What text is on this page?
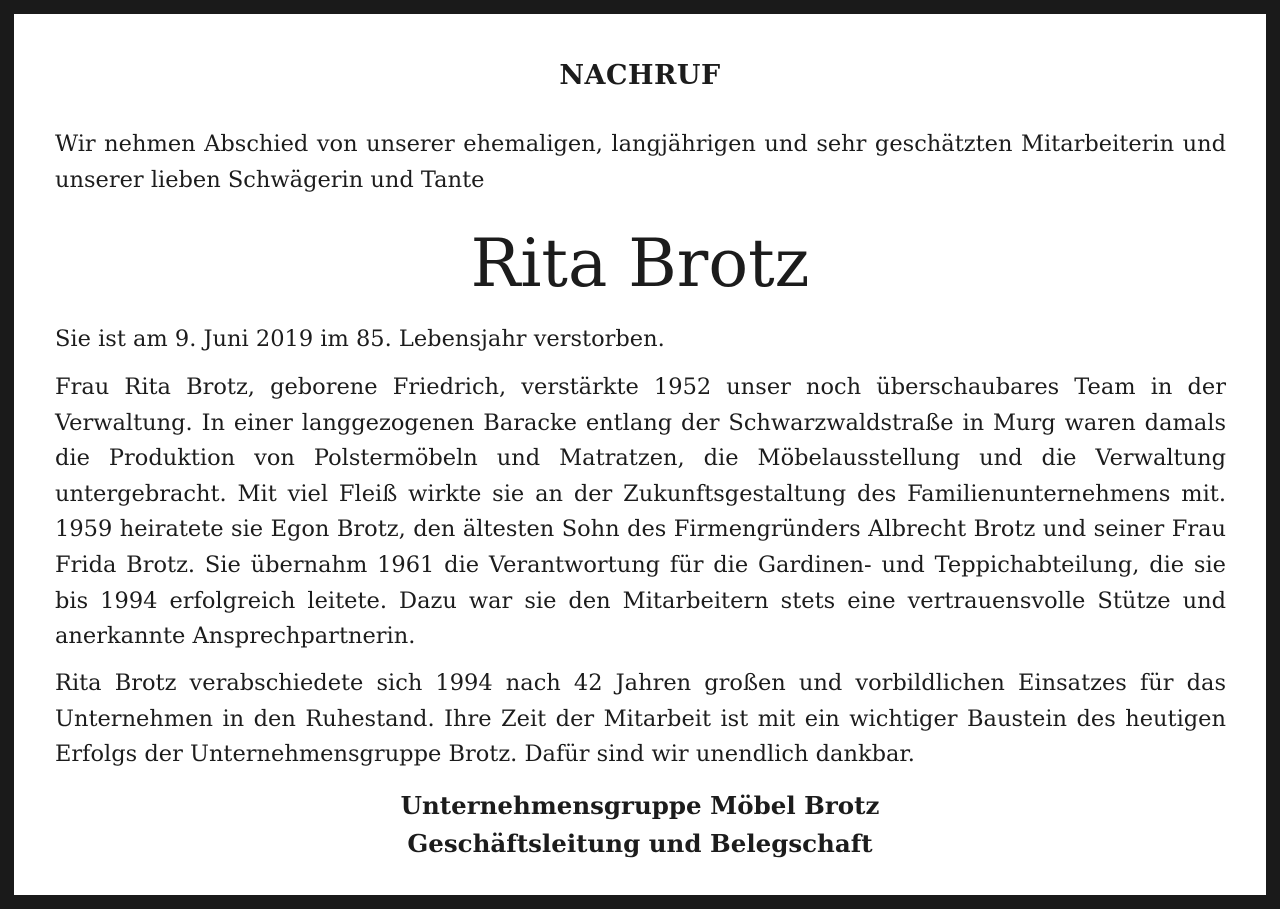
NACHRUF

Wir nehmen Abschied von unserer ehemaligen, langjährigen und sehr geschätzten Mitarbeiterin und unserer lieben Schwägerin und Tante

Rita Brotz

Sie ist am 9. Juni 2019 im 85. Lebensjahr verstorben.

Frau Rita Brotz, geborene Friedrich, verstärkte 1952 unser noch überschaubares Team in der Verwaltung. In einer langgezogenen Baracke entlang der Schwarzwaldstraße in Murg waren damals die Produktion von Polstermöbeln und Matratzen, die Möbelausstellung und die Verwaltung untergebracht. Mit viel Fleiß wirkte sie an der Zukunftsgestaltung des Familienunternehmens mit. 1959 heiratete sie Egon Brotz, den ältesten Sohn des Firmengründers Albrecht Brotz und seiner Frau Frida Brotz. Sie übernahm 1961 die Verantwortung für die Gardinen- und Teppichabteilung, die sie bis 1994 erfolgreich leitete. Dazu war sie den Mitarbeitern stets eine vertrauensvolle Stütze und anerkannte Ansprechpartnerin.

Rita Brotz verabschiedete sich 1994 nach 42 Jahren großen und vorbildlichen Einsatzes für das Unternehmen in den Ruhestand. Ihre Zeit der Mitarbeit ist mit ein wichtiger Baustein des heutigen Erfolgs der Unternehmensgruppe Brotz. Dafür sind wir unendlich dankbar.

Unternehmensgruppe Möbel Brotz
Geschäftsleitung und Belegschaft
